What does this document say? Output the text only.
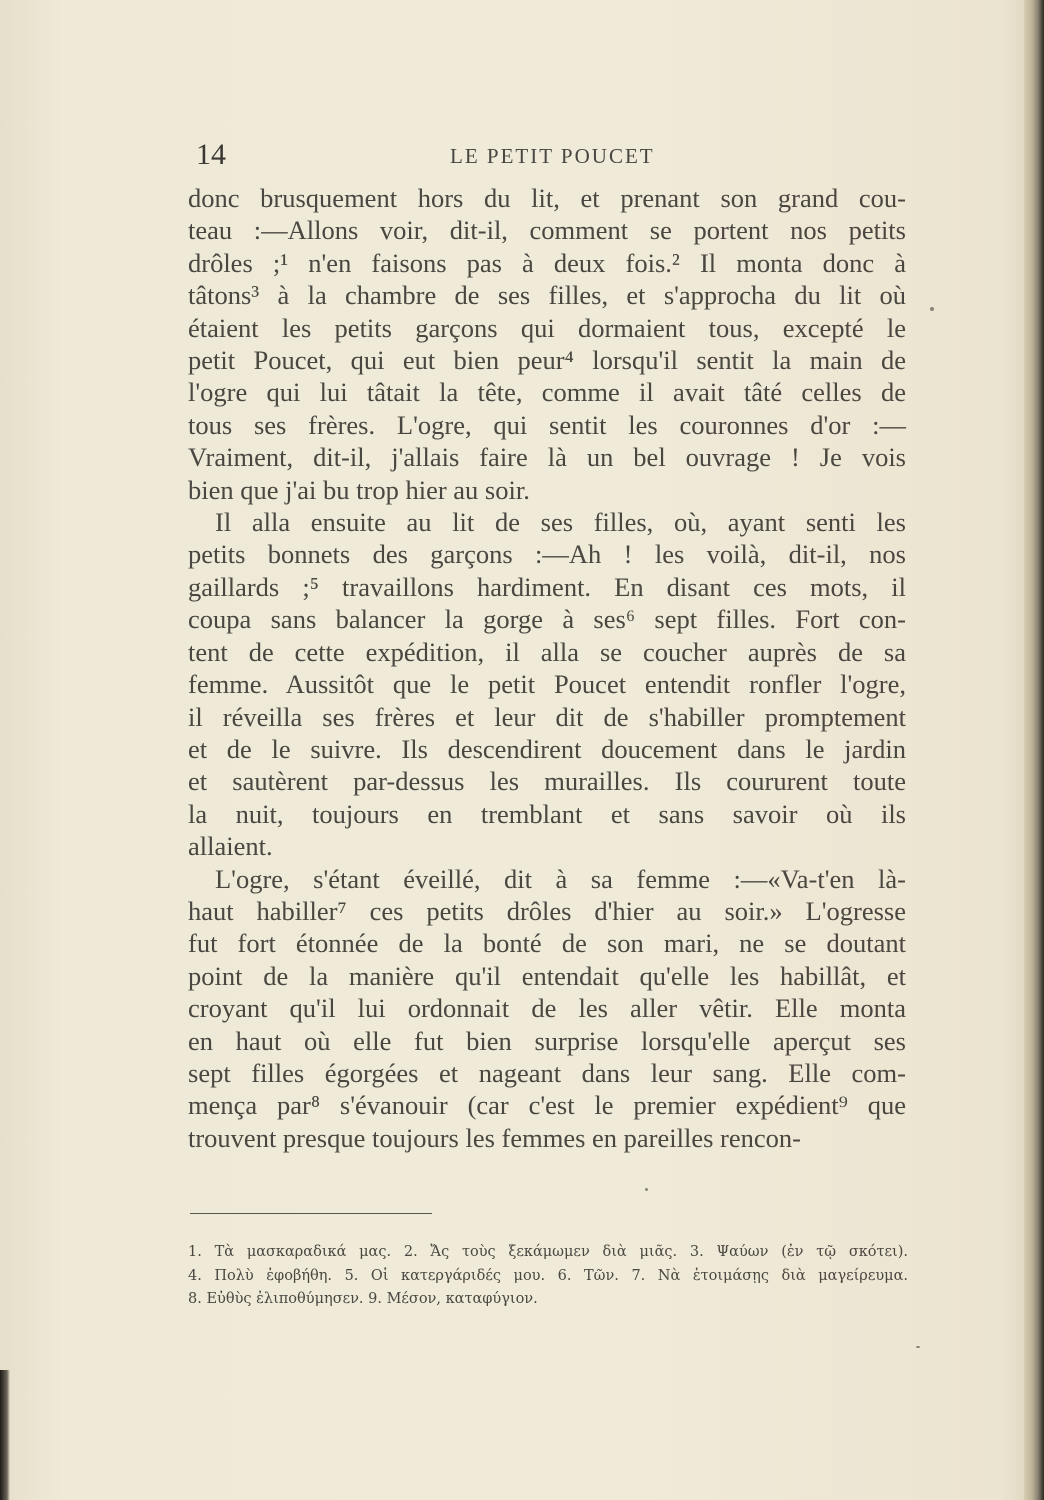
14	LE PETIT POUCET

donc brusquement hors du lit, et prenant son grand cou-
teau :—Allons voir, dit-il, comment se portent nos petits
drôles ;¹ n'en faisons pas à deux fois.² Il monta donc à
tâtons³ à la chambre de ses filles, et s'approcha du lit où
étaient les petits garçons qui dormaient tous, excepté le
petit Poucet, qui eut bien peur⁴ lorsqu'il sentit la main de
l'ogre qui lui tâtait la tête, comme il avait tâté celles de
tous ses frères. L'ogre, qui sentit les couronnes d'or :—
Vraiment, dit-il, j'allais faire là un bel ouvrage ! Je vois
bien que j'ai bu trop hier au soir.

Il alla ensuite au lit de ses filles, où, ayant senti les
petits bonnets des garçons :—Ah ! les voilà, dit-il, nos
gaillards ;⁵ travaillons hardiment. En disant ces mots, il
coupa sans balancer la gorge à ses⁶ sept filles. Fort con-
tent de cette expédition, il alla se coucher auprès de sa
femme. Aussitôt que le petit Poucet entendit ronfler l'ogre,
il réveilla ses frères et leur dit de s'habiller promptement
et de le suivre. Ils descendirent doucement dans le jardin
et sautèrent par-dessus les murailles. Ils coururent toute
la nuit, toujours en tremblant et sans savoir où ils
allaient.

L'ogre, s'étant éveillé, dit à sa femme :—«Va-t'en là-
haut habiller⁷ ces petits drôles d'hier au soir.» L'ogresse
fut fort étonnée de la bonté de son mari, ne se doutant
point de la manière qu'il entendait qu'elle les habillât, et
croyant qu'il lui ordonnait de les aller vêtir. Elle monta
en haut où elle fut bien surprise lorsqu'elle aperçut ses
sept filles égorgées et nageant dans leur sang. Elle com-
mença par⁸ s'évanouir (car c'est le premier expédient⁹ que
trouvent presque toujours les femmes en pareilles rencon-

1. Τὰ μασκαραδικά μας. 2. Ἄς τοὺς ξεκάμωμεν διὰ μιᾶς. 3. Ψαύων (ἐν τῷ σκότει).
4. Πολὺ ἐφοβήθη. 5. Οἱ κατεργάριδές μου. 6. Τῶν. 7. Νὰ ἑτοιμάσῃς διὰ μαγείρευμα.
8. Εὐθὺς ἐλιποθύμησεν. 9. Μέσον, καταφύγιον.
